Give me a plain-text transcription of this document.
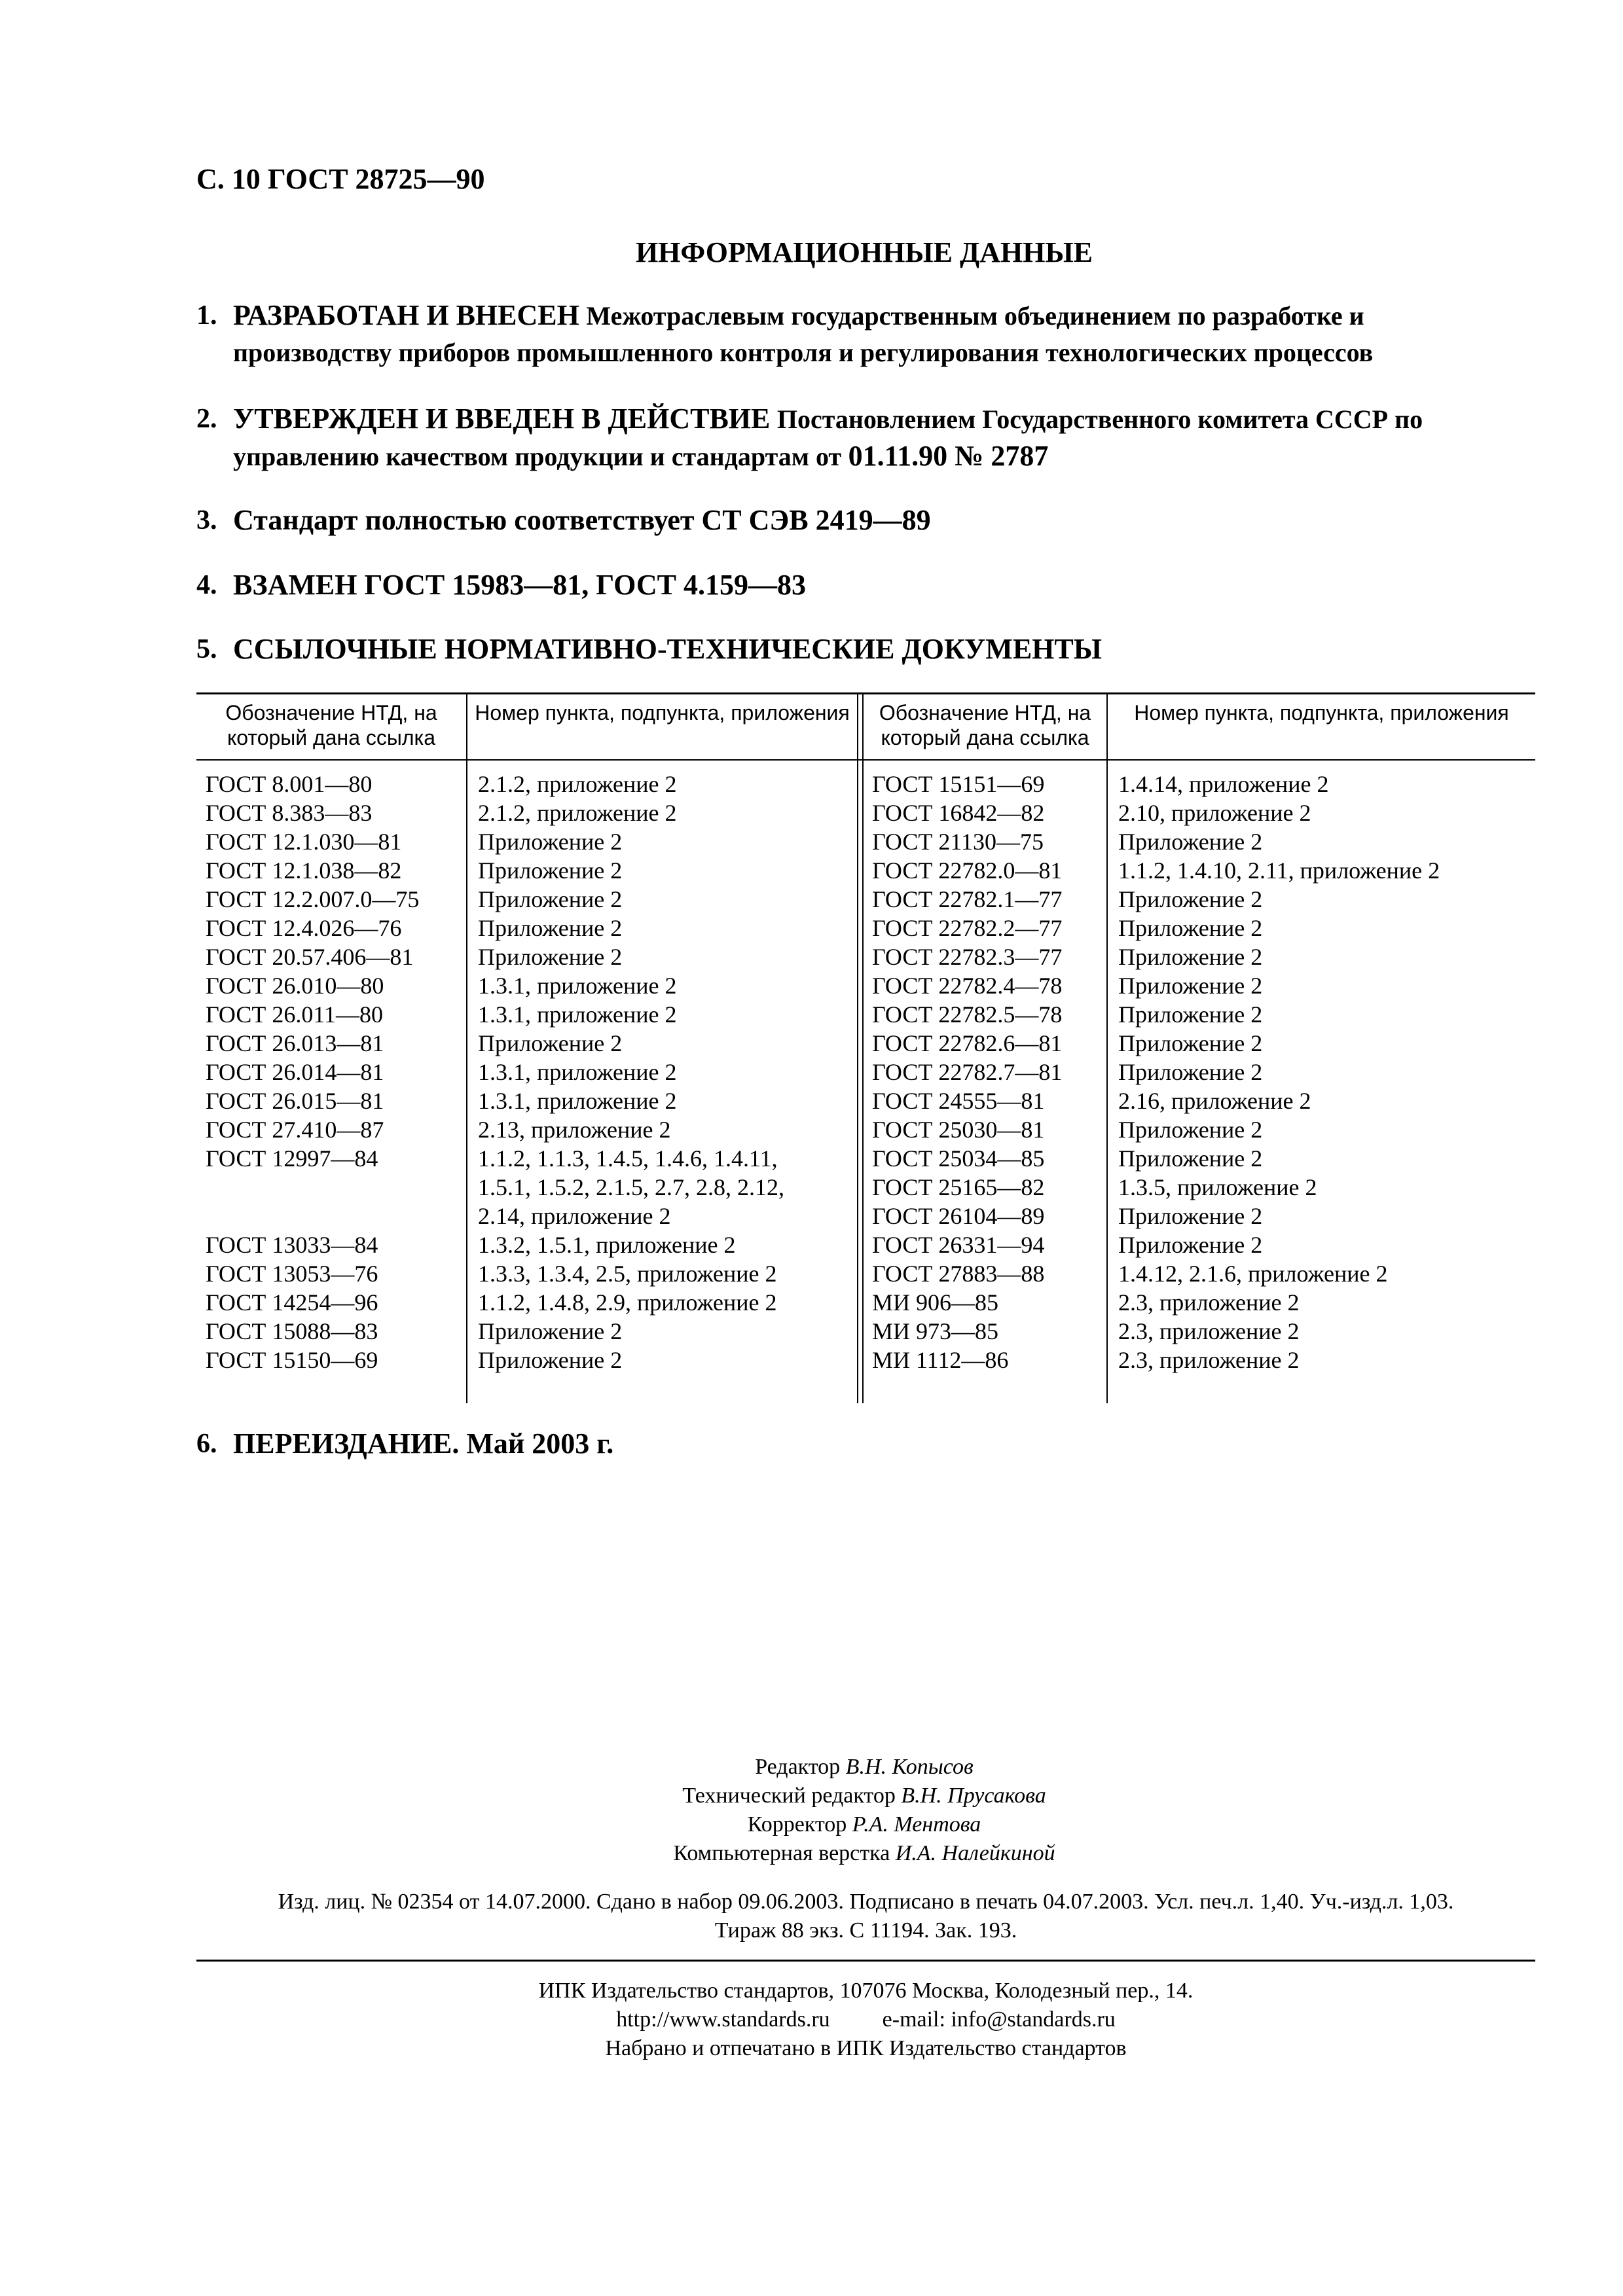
С. 10 ГОСТ 28725—90
ИНФОРМАЦИОННЫЕ ДАННЫЕ
1. РАЗРАБОТАН И ВНЕСЕН Межотраслевым государственным объединением по разработке и
производству приборов промышленного контроля и регулирования технологических процессов
2. УТВЕРЖДЕН И ВВЕДЕН В ДЕЙСТВИЕ Постановлением Государственного комитета СССР по
управлению качеством продукции и стандартам от 01.11.90 № 2787
3. Стандарт полностью соответствует СТ СЭВ 2419—89
4. ВЗАМЕН ГОСТ 15983—81, ГОСТ 4.159—83
5. ССЫЛОЧНЫЕ НОРМАТИВНО-ТЕХНИЧЕСКИЕ ДОКУМЕНТЫ
Обозначение НТД, на который дана ссылка
Номер пункта, подпункта, приложения	Обозначение НТД, на который дана ссылка
Номер пункта, подпункта, приложения
ГОСТ 8.001—80
ГОСТ 8.383—83
ГОСТ 12.1.030—81
ГОСТ 12.1.038—82
ГОСТ 12.2.007.0—75
ГОСТ 12.4.026—76
ГОСТ 20.57.406—81
ГОСТ 26.010—80
ГОСТ 26.011—80
ГОСТ 26.013—81
ГОСТ 26.014—81
ГОСТ 26.015—81
ГОСТ 27.410—87
ГОСТ 12997—84

ГОСТ 13033—84
ГОСТ 13053—76
ГОСТ 14254—96
ГОСТ 15088—83
ГОСТ 15150—69
2.1.2, приложение 2
2.1.2, приложение 2
Приложение 2
Приложение 2
Приложение 2
Приложение 2
Приложение 2
1.3.1, приложение 2
1.3.1, приложение 2
Приложение 2
1.3.1, приложение 2
1.3.1, приложение 2
2.13, приложение 2
1.1.2, 1.1.3, 1.4.5, 1.4.6, 1.4.11,
1.5.1, 1.5.2, 2.1.5, 2.7, 2.8, 2.12,
2.14, приложение 2
1.3.2, 1.5.1, приложение 2
1.3.3, 1.3.4, 2.5, приложение 2
1.1.2, 1.4.8, 2.9, приложение 2
Приложение 2
Приложение 2
ГОСТ 15151—69
ГОСТ 16842—82
ГОСТ 21130—75
ГОСТ 22782.0—81
ГОСТ 22782.1—77
ГОСТ 22782.2—77
ГОСТ 22782.3—77
ГОСТ 22782.4—78
ГОСТ 22782.5—78
ГОСТ 22782.6—81
ГОСТ 22782.7—81
ГОСТ 24555—81
ГОСТ 25030—81
ГОСТ 25034—85
ГОСТ 25165—82
ГОСТ 26104—89
ГОСТ 26331—94
ГОСТ 27883—88
МИ 906—85
МИ 973—85
МИ 1112—86
1.4.14, приложение 2
2.10, приложение 2
Приложение 2
1.1.2, 1.4.10, 2.11, приложение 2
Приложение 2
Приложение 2
Приложение 2
Приложение 2
Приложение 2
Приложение 2
Приложение 2
2.16, приложение 2
Приложение 2
Приложение 2
1.3.5, приложение 2
Приложение 2
Приложение 2
1.4.12, 2.1.6, приложение 2
2.3, приложение 2
2.3, приложение 2
2.3, приложение 2
6. ПЕРЕИЗДАНИЕ. Май 2003 г.
Редактор В.Н. Копысов
Технический редактор В.Н. Прусакова
Корректор Р.А. Ментова
Компьютерная верстка И.А. Налейкиной
Изд. лиц. № 02354 от 14.07.2000. Сдано в набор 09.06.2003. Подписано в печать 04.07.2003. Усл. печ.л. 1,40. Уч.-изд.л. 1,03.
Тираж 88 экз. С 11194. Зак. 193.
ИПК Издательство стандартов, 107076 Москва, Колодезный пер., 14.
http://www.standards.ru e-mail: info@standards.ru
Набрано и отпечатано в ИПК Издательство стандартов
